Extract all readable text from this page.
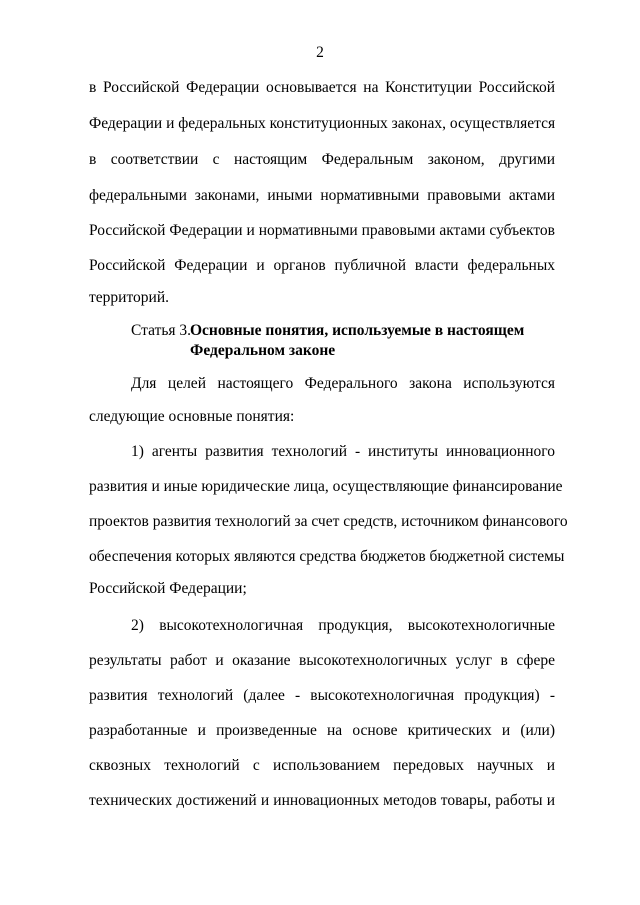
2
в Российской Федерации основывается на Конституции Российской
Федерации и федеральных конституционных законах, осуществляется
в соответствии с настоящим Федеральным законом, другими
федеральными законами, иными нормативными правовыми актами
Российской Федерации и нормативными правовыми актами субъектов
Российской Федерации и органов публичной власти федеральных
территорий.
Статья 3.
Основные понятия, используемые в настоящем
Федеральном законе
Для целей настоящего Федерального закона используются
следующие основные понятия:
1) агенты развития технологий - институты инновационного
развития и иные юридические лица, осуществляющие финансирование
проектов развития технологий за счет средств, источником финансового
обеспечения которых являются средства бюджетов бюджетной системы
Российской Федерации;
2) высокотехнологичная продукция, высокотехнологичные
результаты работ и оказание высокотехнологичных услуг в сфере
развития технологий (далее - высокотехнологичная продукция) -
разработанные и произведенные на основе критических и (или)
сквозных технологий с использованием передовых научных и
технических достижений и инновационных методов товары, работы и
